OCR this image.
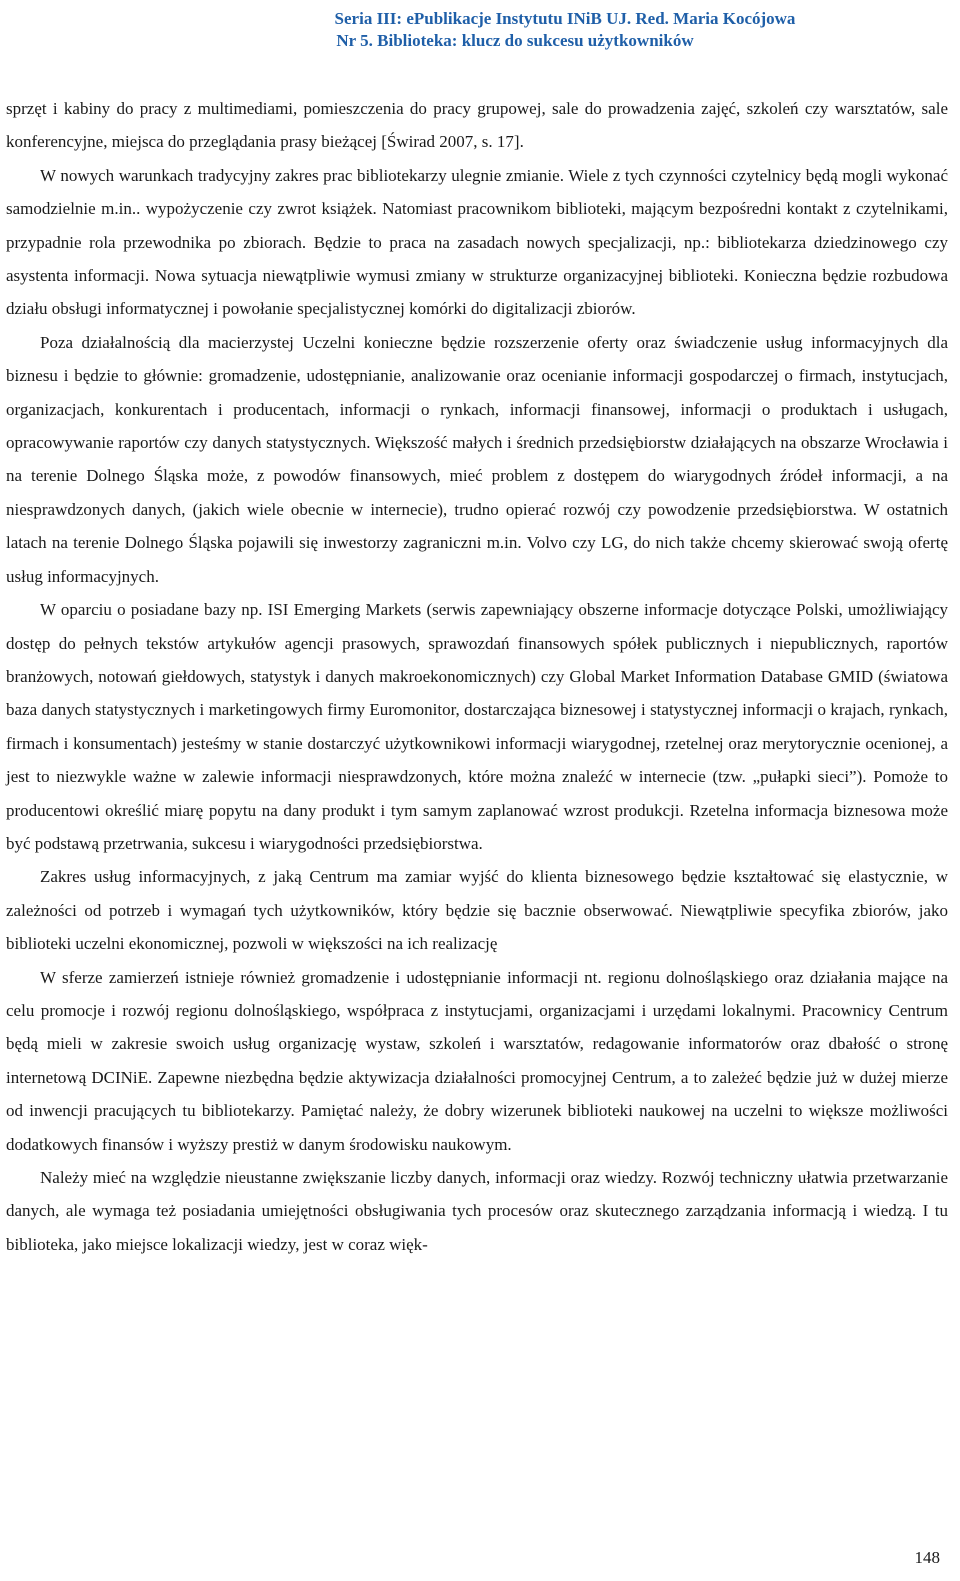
Seria III: ePublikacje Instytutu INiB UJ. Red. Maria Kocójowa
Nr 5. Biblioteka: klucz do sukcesu użytkowników

sprzęt i kabiny do pracy z multimediami, pomieszczenia do pracy grupowej, sale do prowadzenia zajęć, szkoleń czy warsztatów, sale konferencyjne, miejsca do przeglądania prasy bieżącej [Świrad 2007, s. 17].

W nowych warunkach tradycyjny zakres prac bibliotekarzy ulegnie zmianie. Wiele z tych czynności czytelnicy będą mogli wykonać samodzielnie m.in.. wypożyczenie czy zwrot książek. Natomiast pracownikom biblioteki, mającym bezpośredni kontakt z czytelnikami, przypadnie rola przewodnika po zbiorach. Będzie to praca na zasadach nowych specjalizacji, np.: bibliotekarza dziedzinowego czy asystenta informacji. Nowa sytuacja niewątpliwie wymusi zmiany w strukturze organizacyjnej biblioteki. Konieczna będzie rozbudowa działu obsługi informatycznej i powołanie specjalistycznej komórki do digitalizacji zbiorów.

Poza działalnością dla macierzystej Uczelni konieczne będzie rozszerzenie oferty oraz świadczenie usług informacyjnych dla biznesu i będzie to głównie: gromadzenie, udostępnianie, analizowanie oraz ocenianie informacji gospodarczej o firmach, instytucjach, organizacjach, konkurentach i producentach, informacji o rynkach, informacji finansowej, informacji o produktach i usługach, opracowywanie raportów czy danych statystycznych. Większość małych i średnich przedsiębiorstw działających na obszarze Wrocławia i na terenie Dolnego Śląska może, z powodów finansowych, mieć problem z dostępem do wiarygodnych źródeł informacji, a na niesprawdzonych danych, (jakich wiele obecnie w internecie), trudno opierać rozwój czy powodzenie przedsiębiorstwa. W ostatnich latach na terenie Dolnego Śląska pojawili się inwestorzy zagraniczni m.in. Volvo czy LG, do nich także chcemy skierować swoją ofertę usług informacyjnych.

W oparciu o posiadane bazy np. ISI Emerging Markets (serwis zapewniający obszerne informacje dotyczące Polski, umożliwiający dostęp do pełnych tekstów artykułów agencji prasowych, sprawozdań finansowych spółek publicznych i niepublicznych, raportów branżowych, notowań giełdowych, statystyk i danych makroekonomicznych) czy Global Market Information Database GMID (światowa baza danych statystycznych i marketingowych firmy Euromonitor, dostarczająca biznesowej i statystycznej informacji o krajach, rynkach, firmach i konsumentach) jesteśmy w stanie dostarczyć użytkownikowi informacji wiarygodnej, rzetelnej oraz merytorycznie ocenionej, a jest to niezwykle ważne w zalewie informacji niesprawdzonych, które można znaleźć w internecie (tzw. „pułapki sieci”). Pomoże to producentowi określić miarę popytu na dany produkt i tym samym zaplanować wzrost produkcji. Rzetelna informacja biznesowa może być podstawą przetrwania, sukcesu i wiarygodności przedsiębiorstwa.

Zakres usług informacyjnych, z jaką Centrum ma zamiar wyjść do klienta biznesowego będzie kształtować się elastycznie, w zależności od potrzeb i wymagań tych użytkowników, który będzie się bacznie obserwować. Niewątpliwie specyfika zbiorów, jako biblioteki uczelni ekonomicznej, pozwoli w większości na ich realizację

W sferze zamierzeń istnieje również gromadzenie i udostępnianie informacji nt. regionu dolnośląskiego oraz działania mające na celu promocje i rozwój regionu dolnośląskiego, współpraca z instytucjami, organizacjami i urzędami lokalnymi. Pracownicy Centrum będą mieli w zakresie swoich usług organizację wystaw, szkoleń i warsztatów, redagowanie informatorów oraz dbałość o stronę internetową DCINiE. Zapewne niezbędna będzie aktywizacja działalności promocyjnej Centrum, a to zależeć będzie już w dużej mierze od inwencji pracujących tu bibliotekarzy. Pamiętać należy, że dobry wizerunek biblioteki naukowej na uczelni to większe możliwości dodatkowych finansów i wyższy prestiż w danym środowisku naukowym.

Należy mieć na względzie nieustanne zwiększanie liczby danych, informacji oraz wiedzy. Rozwój techniczny ułatwia przetwarzanie danych, ale wymaga też posiadania umiejętności obsługiwania tych procesów oraz skutecznego zarządzania informacją i wiedzą. I tu biblioteka, jako miejsce lokalizacji wiedzy, jest w coraz więk-

148
